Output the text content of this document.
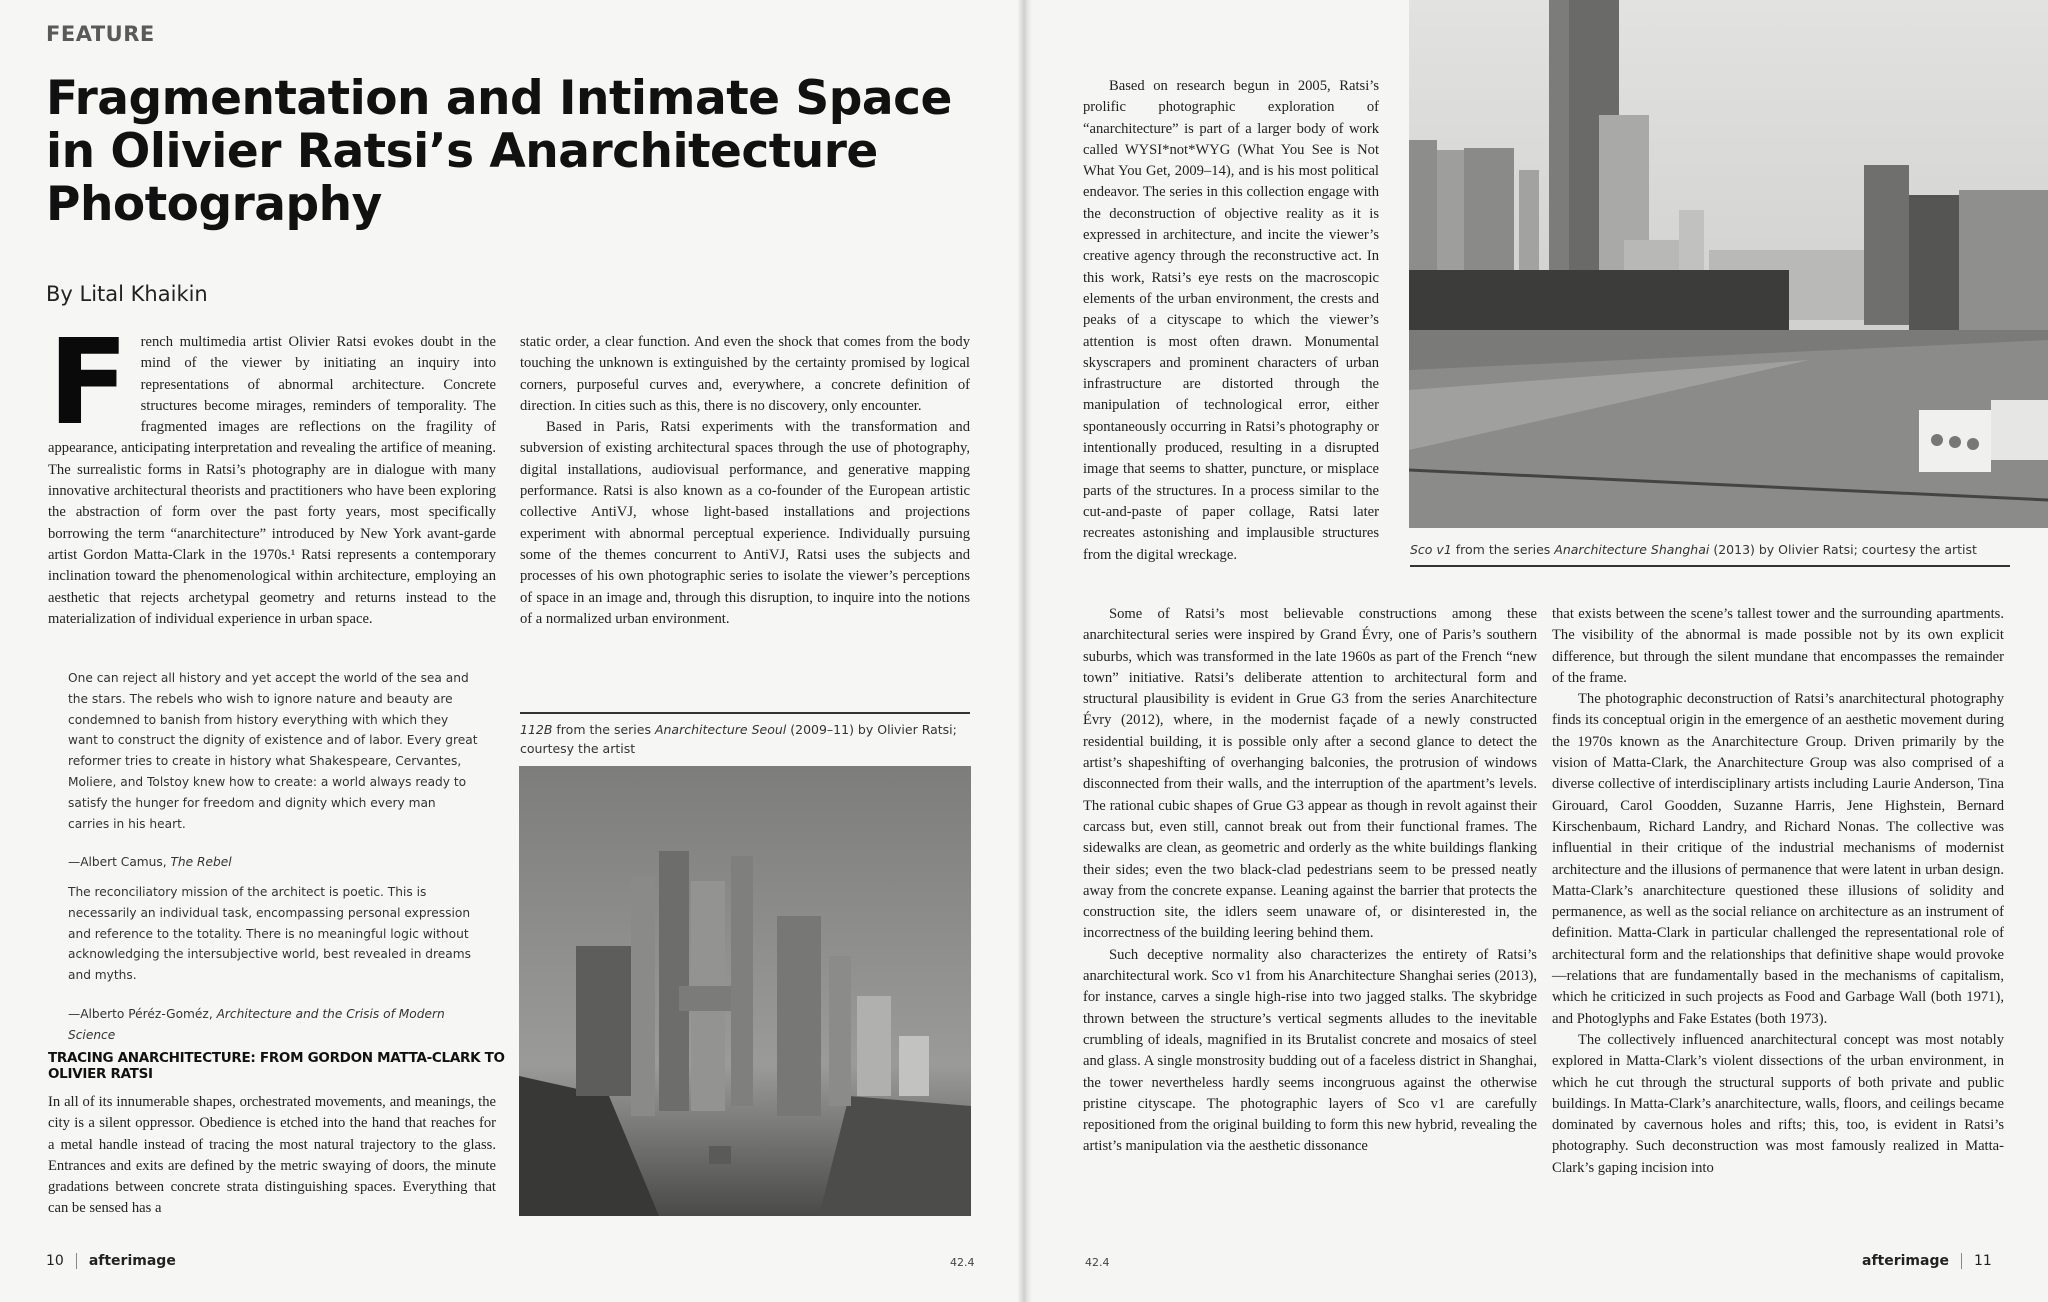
FEATURE
Fragmentation and Intimate Space in Olivier Ratsi’s Anarchitecture Photography
By Lital Khaikin
F rench multimedia artist Olivier Ratsi evokes doubt in the mind of the viewer by initiating an inquiry into representations of abnormal architecture. Concrete structures become mirages, reminders of temporality. The fragmented images are reflections on the fragility of appearance, anticipating interpretation and revealing the artifice of meaning. The surrealistic forms in Ratsi’s photography are in dialogue with many innovative architectural theorists and practitioners who have been exploring the abstraction of form over the past forty years, most specifically borrowing the term “anarchitecture” introduced by New York avant-garde artist Gordon Matta-Clark in the 1970s.¹ Ratsi represents a contemporary inclination toward the phenomenological within architecture, employing an aesthetic that rejects archetypal geometry and returns instead to the materialization of individual experience in urban space.

One can reject all history and yet accept the world of the sea and the stars. The rebels who wish to ignore nature and beauty are condemned to banish from history everything with which they want to construct the dignity of existence and of labor. Every great reformer tries to create in history what Shakespeare, Cervantes, Moliere, and Tolstoy knew how to create: a world always ready to satisfy the hunger for freedom and dignity which every man carries in his heart.
—Albert Camus, The Rebel
The reconciliatory mission of the architect is poetic. This is necessarily an individual task, encompassing personal expression and reference to the totality. There is no meaningful logic without acknowledging the intersubjective world, best revealed in dreams and myths.
—Alberto Péréz-Goméz, Architecture and the Crisis of Modern Science
TRACING ANARCHITECTURE: FROM GORDON MATTA-CLARK TO OLIVIER RATSI

In all of its innumerable shapes, orchestrated movements, and meanings, the city is a silent oppressor. Obedience is etched into the hand that reaches for a metal handle instead of tracing the most natural trajectory to the glass. Entrances and exits are defined by the metric swaying of doors, the minute gradations between concrete strata distinguishing spaces. Everything that can be sensed has a

static order, a clear function. And even the shock that comes from the body touching the unknown is extinguished by the certainty promised by logical corners, purposeful curves and, everywhere, a concrete definition of direction. In cities such as this, there is no discovery, only encounter.

Based in Paris, Ratsi experiments with the transformation and subversion of existing architectural spaces through the use of photography, digital installations, audiovisual performance, and generative mapping performance. Ratsi is also known as a co-founder of the European artistic collective AntiVJ, whose light-based installations and projections experiment with abnormal perceptual experience. Individually pursuing some of the themes concurrent to AntiVJ, Ratsi uses the subjects and processes of his own photographic series to isolate the viewer’s perceptions of space in an image and, through this disruption, to inquire into the notions of a normalized urban environment.

112B from the series Anarchitecture Seoul (2009–11) by Olivier Ratsi; courtesy the artist
10 afterimage	42.4

Based on research begun in 2005, Ratsi’s prolific photographic exploration of “anarchitecture” is part of a larger body of work called WYSI*not*WYG (What You See is Not What You Get, 2009–14), and is his most political endeavor. The series in this collection engage with the deconstruction of objective reality as it is expressed in architecture, and incite the viewer’s creative agency through the reconstructive act. In this work, Ratsi’s eye rests on the macroscopic elements of the urban environment, the crests and peaks of a cityscape to which the viewer’s attention is most often drawn. Monumental skyscrapers and prominent characters of urban infrastructure are distorted through the manipulation of technological error, either spontaneously occurring in Ratsi’s photography or intentionally produced, resulting in a disrupted image that seems to shatter, puncture, or misplace parts of the structures. In a process similar to the cut-and-paste of paper collage, Ratsi later recreates astonishing and implausible structures from the digital wreckage.	Sco v1 from the series Anarchitecture Shanghai (2013) by Olivier Ratsi; courtesy the artist

Some of Ratsi’s most believable constructions among these anarchitectural series were inspired by Grand Évry, one of Paris’s southern suburbs, which was transformed in the late 1960s as part of the French “new town” initiative. Ratsi’s deliberate attention to architectural form and structural plausibility is evident in Grue G3 from the series Anarchitecture Évry (2012), where, in the modernist façade of a newly constructed residential building, it is possible only after a second glance to detect the artist’s shapeshifting of overhanging balconies, the protrusion of windows disconnected from their walls, and the interruption of the apartment’s levels. The rational cubic shapes of Grue G3 appear as though in revolt against their carcass but, even still, cannot break out from their functional frames. The sidewalks are clean, as geometric and orderly as the white buildings flanking their sides; even the two black-clad pedestrians seem to be pressed neatly away from the concrete expanse. Leaning against the barrier that protects the construction site, the idlers seem unaware of, or disinterested in, the incorrectness of the building leering behind them.

Such deceptive normality also characterizes the entirety of Ratsi’s anarchitectural work. Sco v1 from his Anarchitecture Shanghai series (2013), for instance, carves a single high-rise into two jagged stalks. The skybridge thrown between the structure’s vertical segments alludes to the inevitable crumbling of ideals, magnified in its Brutalist concrete and mosaics of steel and glass. A single monstrosity budding out of a faceless district in Shanghai, the tower nevertheless hardly seems incongruous against the otherwise pristine cityscape. The photographic layers of Sco v1 are carefully repositioned from the original building to form this new hybrid, revealing the artist’s manipulation via the aesthetic dissonance

that exists between the scene’s tallest tower and the surrounding apartments. The visibility of the abnormal is made possible not by its own explicit difference, but through the silent mundane that encompasses the remainder of the frame.

The photographic deconstruction of Ratsi’s anarchitectural photography finds its conceptual origin in the emergence of an aesthetic movement during the 1970s known as the Anarchitecture Group. Driven primarily by the vision of Matta-Clark, the Anarchitecture Group was also comprised of a diverse collective of interdisciplinary artists including Laurie Anderson, Tina Girouard, Carol Goodden, Suzanne Harris, Jene Highstein, Bernard Kirschenbaum, Richard Landry, and Richard Nonas. The collective was influential in their critique of the industrial mechanisms of modernist architecture and the illusions of permanence that were latent in urban design. Matta-Clark’s anarchitecture questioned these illusions of solidity and permanence, as well as the social reliance on architecture as an instrument of definition. Matta-Clark in particular challenged the representational role of architectural form and the relationships that definitive shape would provoke—relations that are fundamentally based in the mechanisms of capitalism, which he criticized in such projects as Food and Garbage Wall (both 1971), and Photoglyphs and Fake Estates (both 1973).

The collectively influenced anarchitectural concept was most notably explored in Matta-Clark’s violent dissections of the urban environment, in which he cut through the structural supports of both private and public buildings. In Matta-Clark’s anarchitecture, walls, floors, and ceilings became dominated by cavernous holes and rifts; this, too, is evident in Ratsi’s photography. Such deconstruction was most famously realized in Matta-Clark’s gaping incision into

42.4	afterimage 11
